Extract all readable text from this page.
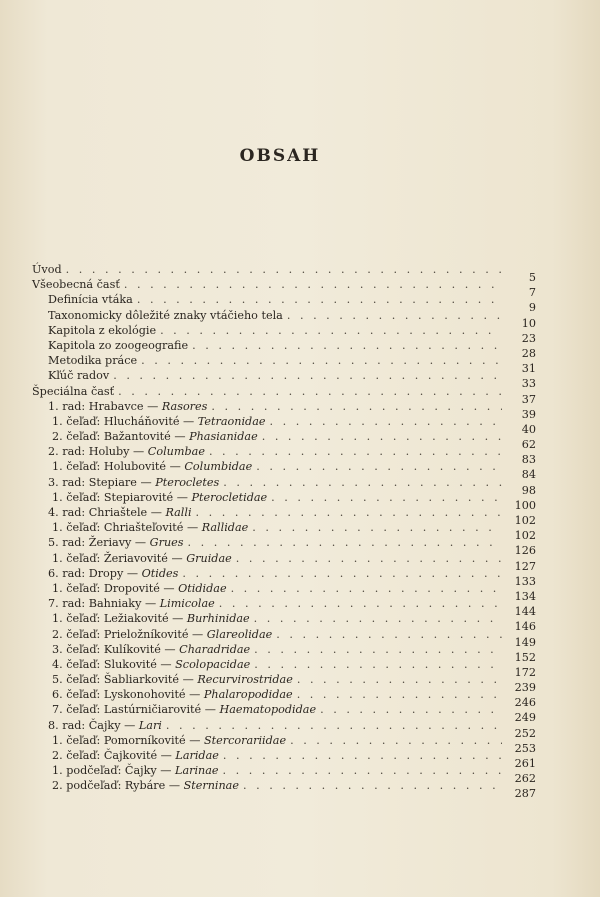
OBSAH
Úvod
. . .
5
Všeobecná časť
. . .
7
Definícia vtáka
. . .
9
Taxonomicky dôležité znaky vtáčieho tela
. . .
10
Kapitola z ekológie
. . .
23
Kapitola zo zoogeografie
. . .
28
Metodika práce
. . .
31
Kľúč radov
. . .
33
Špeciálna časť
. . .
37
1. rad: Hrabavce — Rasores
. . .
39
1. čeľaď: Hlucháňovité — Tetraonidae
. . .
40
2. čeľaď: Bažantovité — Phasianidae
. . .
62
2. rad: Holuby — Columbae
. . .
83
1. čeľaď: Holubovité — Columbidae
. . .
84
3. rad: Stepiare — Pterocletes
. . .
98
1. čeľaď: Stepiarovité — Pterocletidae
. . .
100
4. rad: Chriaštele — Ralli
. . .
102
1. čeľaď: Chriašteľovité — Rallidae
. . .
102
5. rad: Žeriavy — Grues
. . .
126
1. čeľaď: Žeriavovité — Gruidae
. . .
127
6. rad: Dropy — Otides
. . .
133
1. čeľaď: Dropovité — Otididae
. . .
134
7. rad: Bahniaky — Limicolae
. . .
144
1. čeľaď: Ležiakovité — Burhinidae
. . .
146
2. čeľaď: Prieložníkovité — Glareolidae
. . .
149
3. čeľaď: Kulíkovité — Charadridae
. . .
152
4. čeľaď: Slukovité — Scolopacidae
. . .
172
5. čeľaď: Šabliarkovité — Recurvirostridae
. . .
239
6. čeľaď: Lyskonohovité — Phalaropodidae
. . .
246
7. čeľaď: Lastúrničiarovité — Haematopodidae
. . .
249
8. rad: Čajky — Lari
. . .
252
1. čeľaď: Pomorníkovité — Stercorariidae
. . .
253
2. čeľaď: Čajkovité — Laridae
. . .
261
1. podčeľaď: Čajky — Larinae
. . .
262
2. podčeľaď: Rybáre — Sterninae
. . .
287
